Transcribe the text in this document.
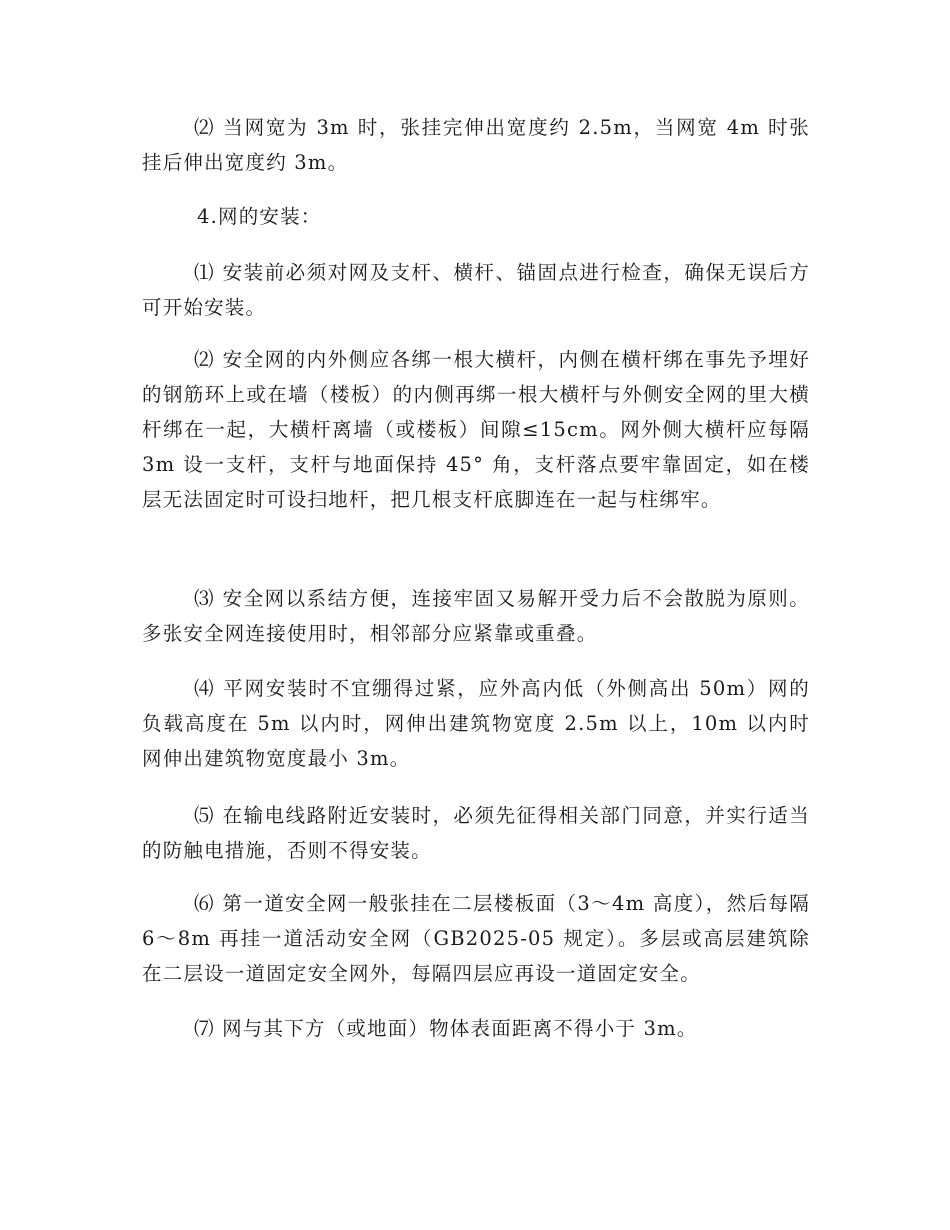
⑵ 当网宽为 3m 时，张挂完伸出宽度约 2.5m，当网宽 4m 时张挂后伸出宽度约 3m。

4.网的安装：

⑴ 安装前必须对网及支杆、横杆、锚固点进行检查，确保无误后方可开始安装。

⑵ 安全网的内外侧应各绑一根大横杆，内侧在横杆绑在事先予埋好的钢筋环上或在墙（楼板）的内侧再绑一根大横杆与外侧安全网的里大横杆绑在一起，大横杆离墙（或楼板）间隙≤15cm。网外侧大横杆应每隔 3m 设一支杆，支杆与地面保持 45° 角，支杆落点要牢靠固定，如在楼层无法固定时可设扫地杆，把几根支杆底脚连在一起与柱绑牢。

⑶ 安全网以系结方便，连接牢固又易解开受力后不会散脱为原则。多张安全网连接使用时，相邻部分应紧靠或重叠。

⑷ 平网安装时不宜绷得过紧，应外高内低（外侧高出 50m）网的负载高度在 5m 以内时，网伸出建筑物宽度 2.5m 以上，10m 以内时网伸出建筑物宽度最小 3m。

⑸ 在输电线路附近安装时，必须先征得相关部门同意，并实行适当的防触电措施，否则不得安装。

⑹ 第一道安全网一般张挂在二层楼板面（3～4m 高度），然后每隔 6～8m 再挂一道活动安全网（GB2025-05 规定）。多层或高层建筑除在二层设一道固定安全网外，每隔四层应再设一道固定安全。

⑺ 网与其下方（或地面）物体表面距离不得小于 3m。
